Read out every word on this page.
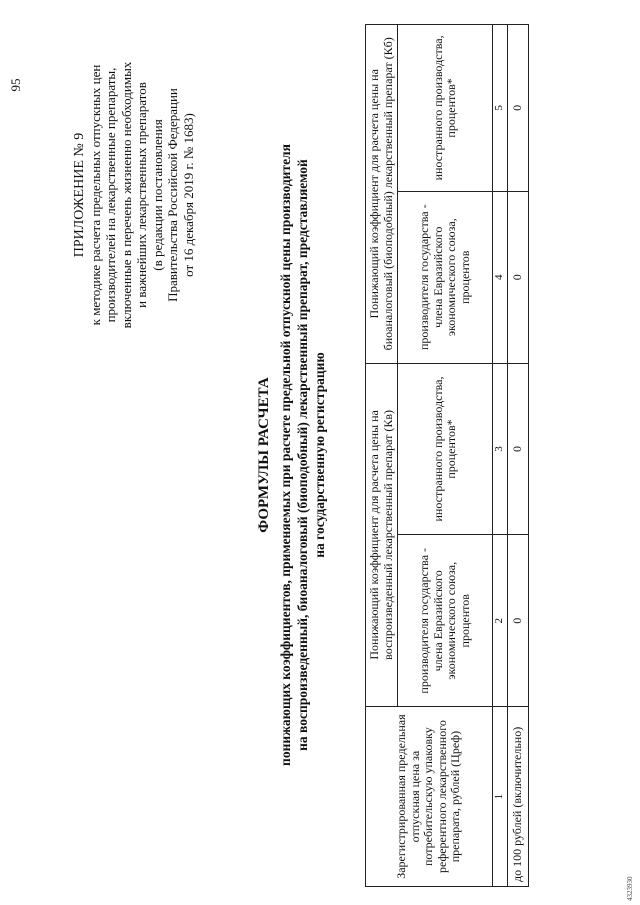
95
ПРИЛОЖЕНИЕ № 9 к методике расчета предельных отпускных цен производителей на лекарственные препараты, включенные в перечень жизненно необходимых и важнейших лекарственных препаратов (в редакции постановления Правительства Российской Федерации от 16 декабря 2019 г. № 1683)
ФОРМУЛЫ РАСЧЕТА понижающих коэффициентов, применяемых при расчете предельной отпускной цены производителя на воспроизведенный, биоаналоговый (биоподобный) лекарственный препарат, представляемой на государственную регистрацию
Зарегистрированная предельная отпускная цена за потребительскую упаковку референтного лекарственного препарата, рублей (Цреф)	Понижающий коэффициент для расчета цены на воспроизведенный лекарственный препарат (Кв)		Понижающий коэффициент для расчета цены на биоаналоговый (биоподобный) лекарственный препарат (Кб)	
	производителя государства - члена Евразийского экономического союза, процентов	иностранного производства, процентов*	производителя государства - члена Евразийского экономического союза, процентов	иностранного производства, процентов*
1	2	3	4	5
до 100 рублей (включительно)	0	0	0	0
4323930
